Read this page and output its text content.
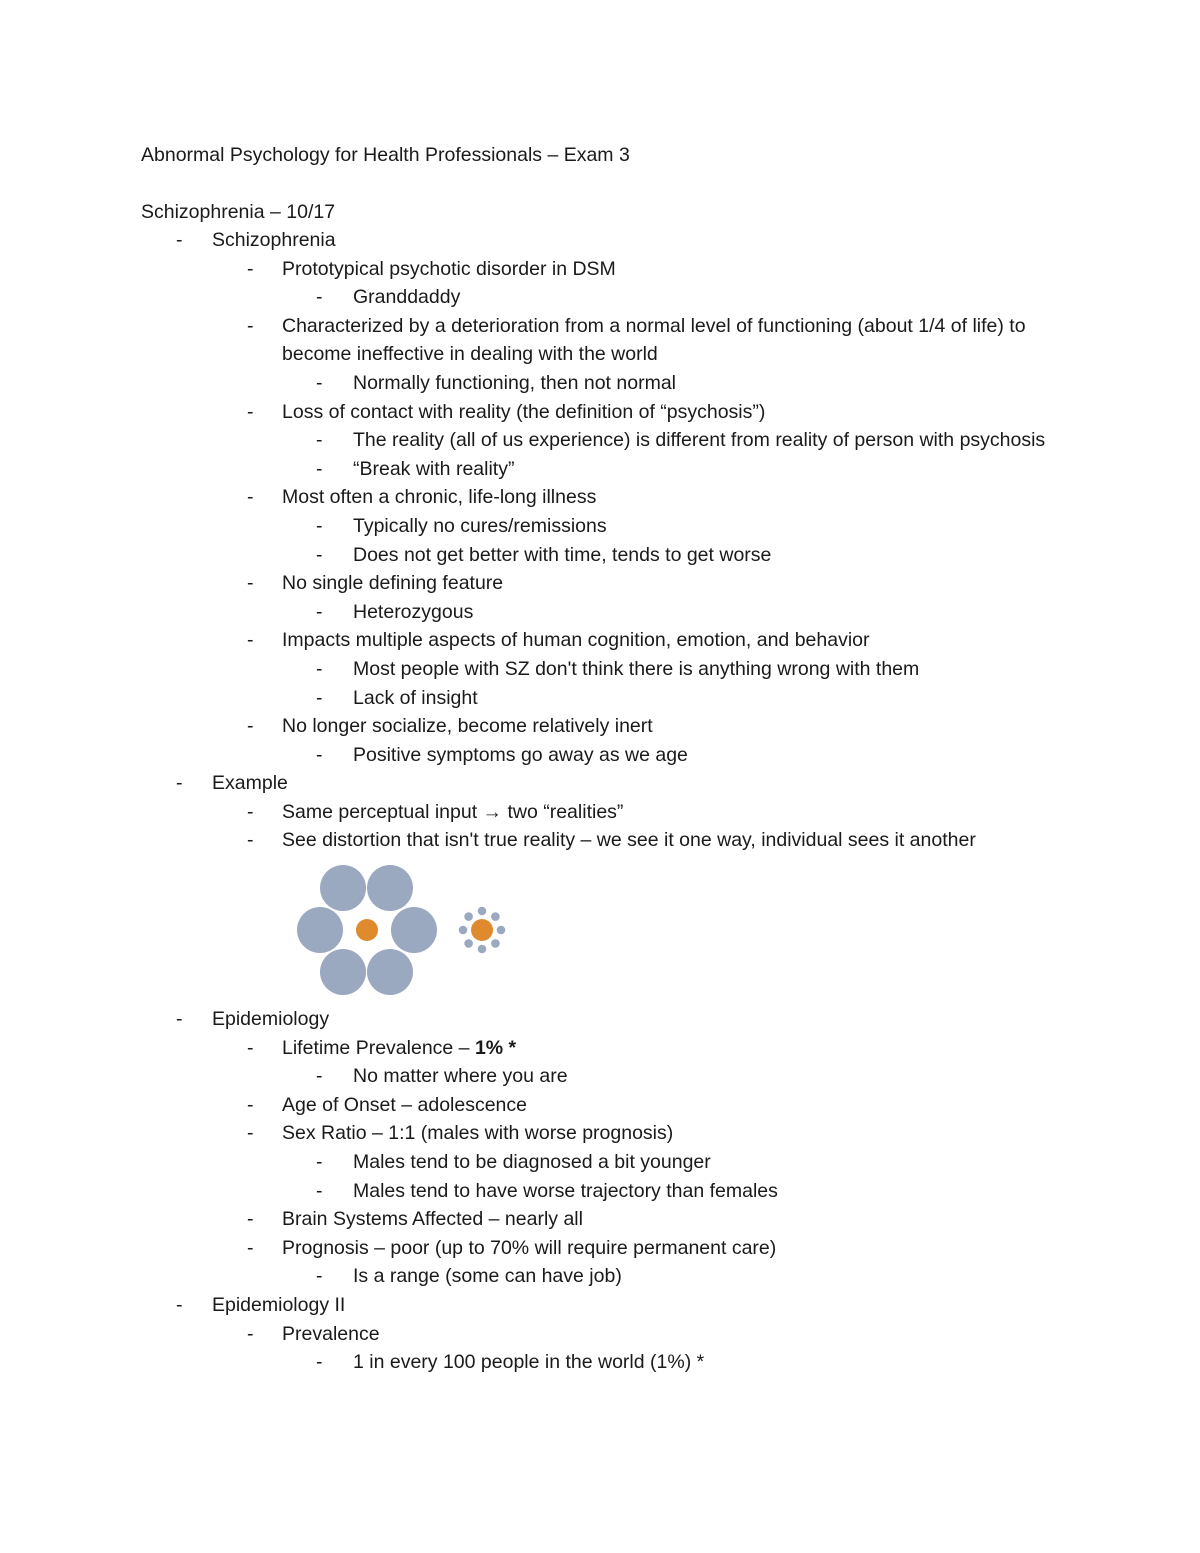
Abnormal Psychology for Health Professionals – Exam 3
Schizophrenia – 10/17
-	Schizophrenia
-	Prototypical psychotic disorder in DSM
-	Granddaddy
-	Characterized by a deterioration from a normal level of functioning (about 1/4 of life) to become ineffective in dealing with the world
-	Normally functioning, then not normal
-	Loss of contact with reality (the definition of “psychosis”)
-	The reality (all of us experience) is different from reality of person with psychosis
-	“Break with reality”
-	Most often a chronic, life-long illness
-	Typically no cures/remissions
-	Does not get better with time, tends to get worse
-	No single defining feature
-	Heterozygous
-	Impacts multiple aspects of human cognition, emotion, and behavior
-	Most people with SZ don't think there is anything wrong with them
-	Lack of insight
-	No longer socialize, become relatively inert
-	Positive symptoms go away as we age
-	Example
-	Same perceptual input → two “realities”
-	See distortion that isn't true reality – we see it one way, individual sees it another
-	Epidemiology
-	Lifetime Prevalence – 1% *
-	No matter where you are
-	Age of Onset – adolescence
-	Sex Ratio – 1:1 (males with worse prognosis)
-	Males tend to be diagnosed a bit younger
-	Males tend to have worse trajectory than females
-	Brain Systems Affected – nearly all
-	Prognosis – poor (up to 70% will require permanent care)
-	Is a range (some can have job)
-	Epidemiology II
-	Prevalence
-	1 in every 100 people in the world (1%) *
